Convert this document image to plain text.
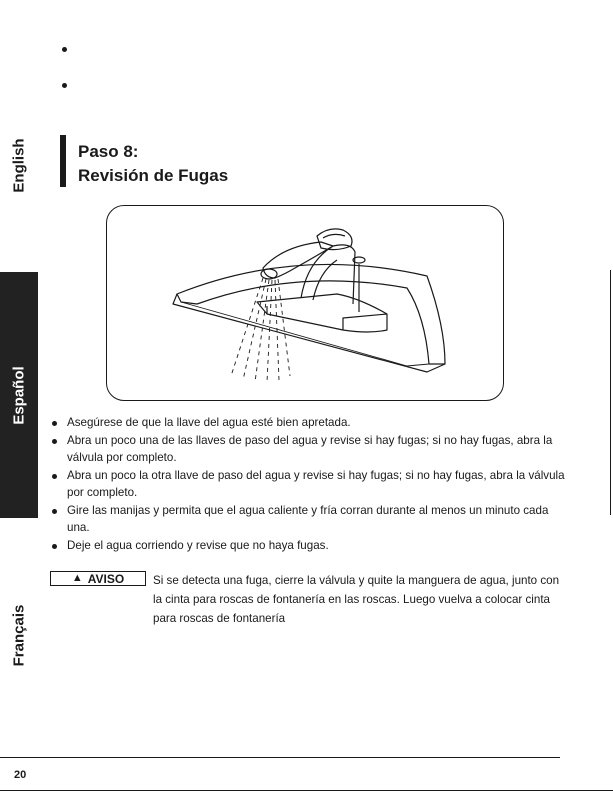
English
Español
Français
Paso 8:
Revisión de Fugas
Asegúrese de que la llave del agua esté bien apretada.
Abra un poco una de las llaves de paso del agua y revise si hay fugas; si no hay fugas, abra la válvula por completo.
Abra un poco la otra llave de paso del agua y revise si hay fugas; si no hay fugas, abra la válvula por completo.
Gire las manijas y permita que el agua caliente y fría corran durante al menos un minuto cada una.
Deje el agua corriendo y revise que no haya fugas.
▲ AVISO Si se detecta una fuga, cierre la válvula y quite la manguera de agua, junto con la cinta para roscas de fontanería en las roscas. Luego vuelva a colocar cinta para roscas de fontanería

20
